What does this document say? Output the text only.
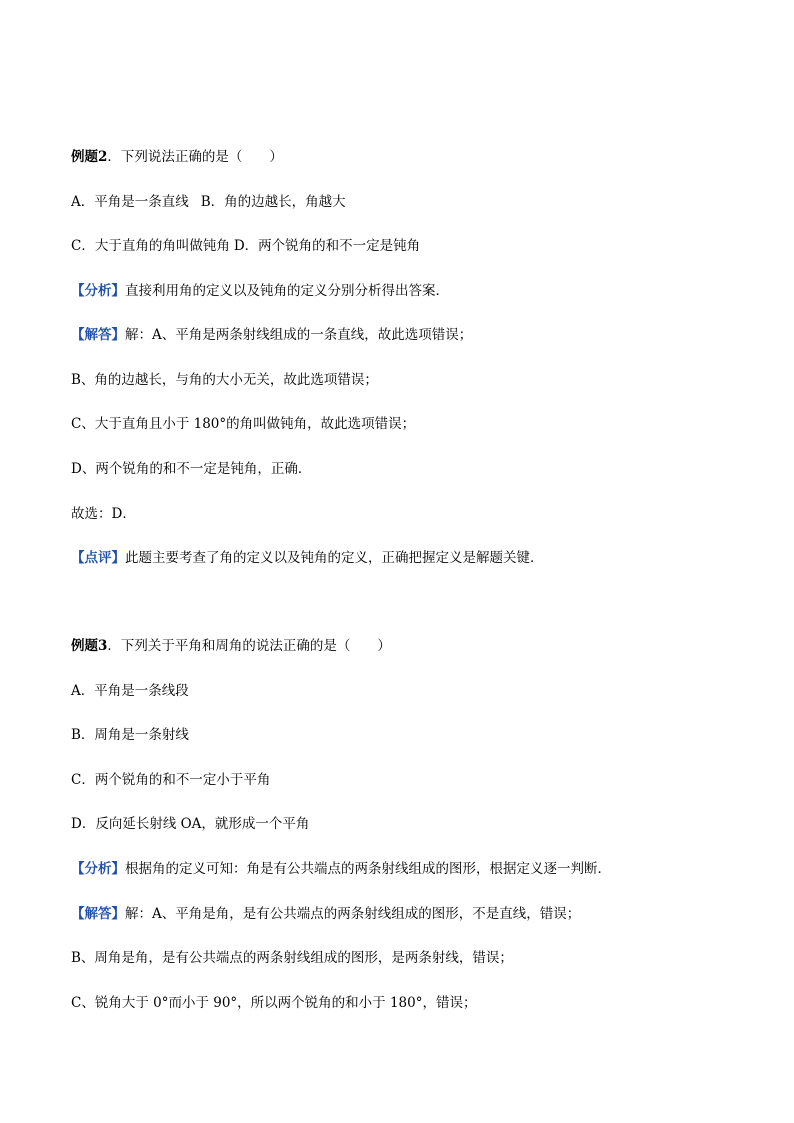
例题2．下列说法正确的是（　　）
A．平角是一条直线 B．角的边越长，角越大
C．大于直角的角叫做钝角 D．两个锐角的和不一定是钝角
【分析】直接利用角的定义以及钝角的定义分别分析得出答案．
【解答】解：A、平角是两条射线组成的一条直线，故此选项错误；
B、角的边越长，与角的大小无关，故此选项错误；
C、大于直角且小于 180°的角叫做钝角，故此选项错误；
D、两个锐角的和不一定是钝角，正确．
故选：D．
【点评】此题主要考查了角的定义以及钝角的定义，正确把握定义是解题关键．
例题3．下列关于平角和周角的说法正确的是（　　）
A．平角是一条线段
B．周角是一条射线
C．两个锐角的和不一定小于平角
D．反向延长射线 OA，就形成一个平角
【分析】根据角的定义可知：角是有公共端点的两条射线组成的图形，根据定义逐一判断．
【解答】解：A、平角是角，是有公共端点的两条射线组成的图形，不是直线，错误；
B、周角是角，是有公共端点的两条射线组成的图形，是两条射线，错误；
C、锐角大于 0°而小于 90°，所以两个锐角的和小于 180°，错误；
